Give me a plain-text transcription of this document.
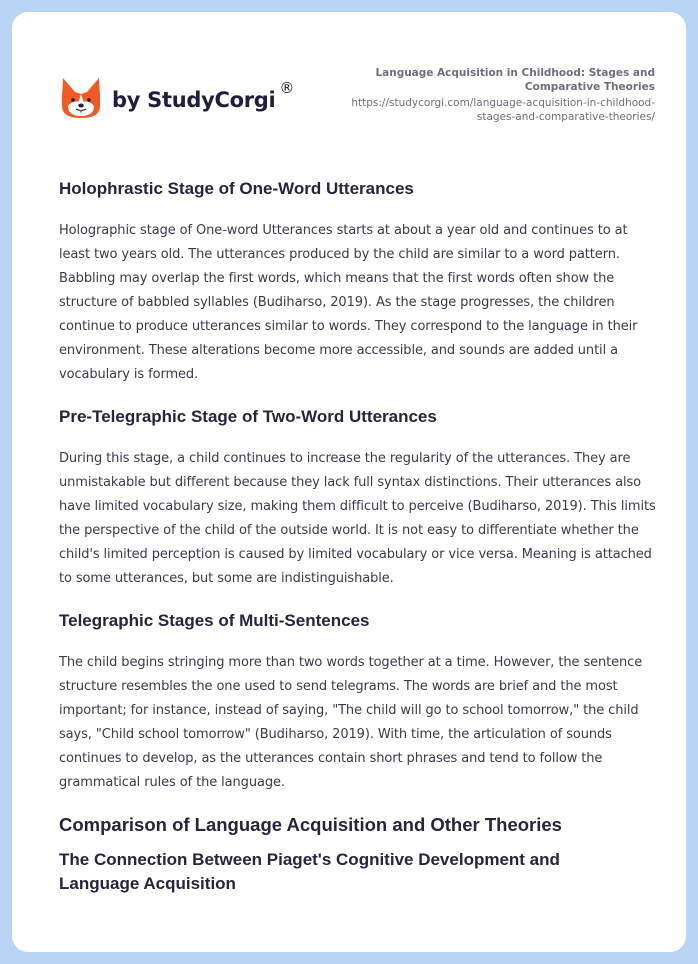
by StudyCorgi ®
Language Acquisition in Childhood: Stages and Comparative Theories
https://studycorgi.com/language-acquisition-in-childhood-stages-and-comparative-theories/
Holophrastic Stage of One-Word Utterances

Holographic stage of One-word Utterances starts at about a year old and continues to at least two years old. The utterances produced by the child are similar to a word pattern. Babbling may overlap the first words, which means that the first words often show the structure of babbled syllables (Budiharso, 2019). As the stage progresses, the children continue to produce utterances similar to words. They correspond to the language in their environment. These alterations become more accessible, and sounds are added until a vocabulary is formed.

Pre-Telegraphic Stage of Two-Word Utterances

During this stage, a child continues to increase the regularity of the utterances. They are unmistakable but different because they lack full syntax distinctions. Their utterances also have limited vocabulary size, making them difficult to perceive (Budiharso, 2019). This limits the perspective of the child of the outside world. It is not easy to differentiate whether the child's limited perception is caused by limited vocabulary or vice versa. Meaning is attached to some utterances, but some are indistinguishable.

Telegraphic Stages of Multi-Sentences

The child begins stringing more than two words together at a time. However, the sentence structure resembles the one used to send telegrams. The words are brief and the most important; for instance, instead of saying, "The child will go to school tomorrow," the child says, "Child school tomorrow" (Budiharso, 2019). With time, the articulation of sounds continues to develop, as the utterances contain short phrases and tend to follow the grammatical rules of the language.

Comparison of Language Acquisition and Other Theories
The Connection Between Piaget's Cognitive Development and Language Acquisition
